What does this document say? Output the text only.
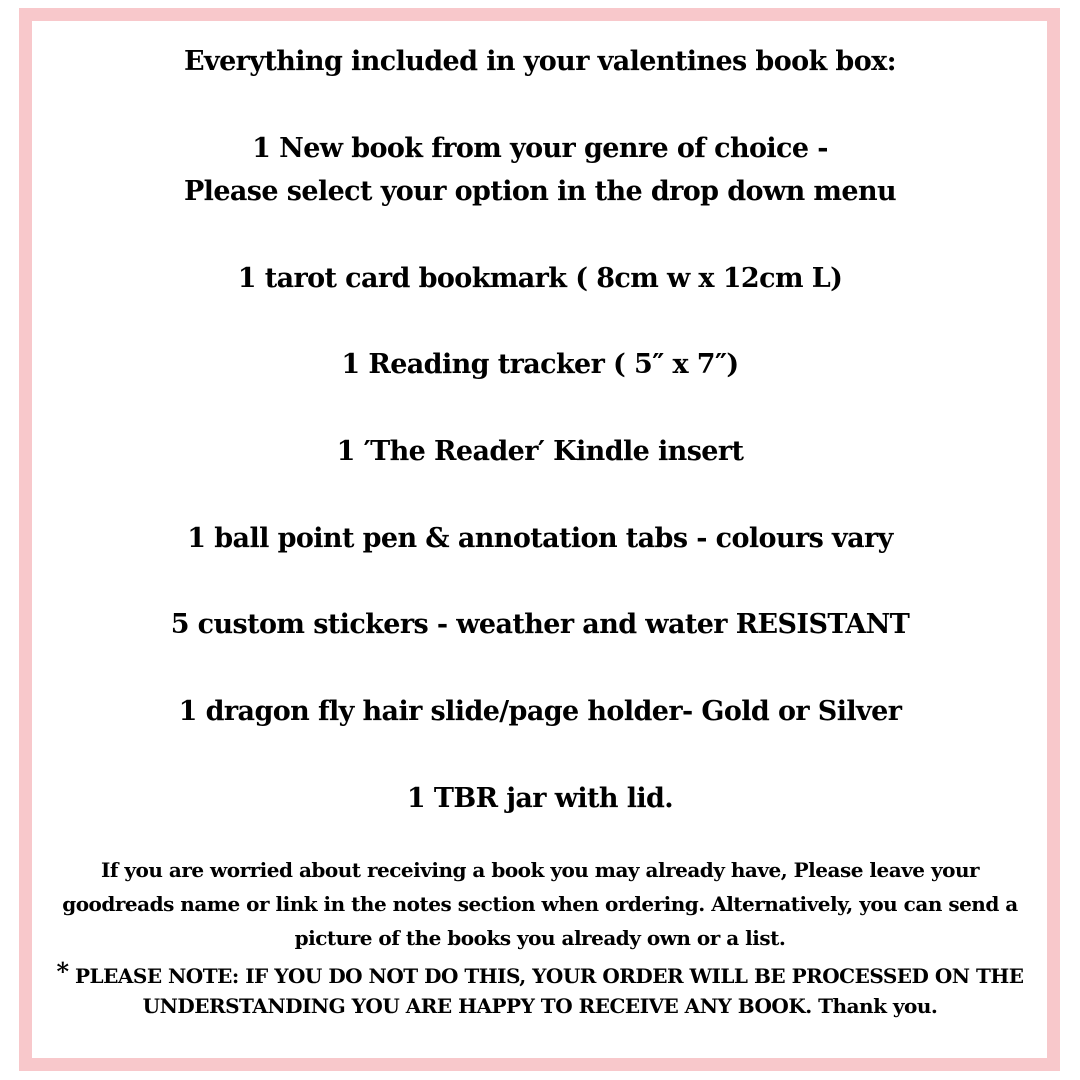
Everything included in your valentines book box:
1 New book from your genre of choice -
Please select your option in the drop down menu
1 tarot card bookmark ( 8cm w x 12cm L)
1 Reading tracker ( 5″ x 7″)
1 ′The Reader′ Kindle insert
1 ball point pen & annotation tabs - colours vary
5 custom stickers - weather and water RESISTANT
1 dragon fly hair slide/page holder- Gold or Silver
1 TBR jar with lid.
If you are worried about receiving a book you may already have, Please leave your
goodreads name or link in the notes section when ordering. Alternatively, you can send a
picture of the books you already own or a list.
* PLEASE NOTE: IF YOU DO NOT DO THIS, YOUR ORDER WILL BE PROCESSED ON THE
UNDERSTANDING YOU ARE HAPPY TO RECEIVE ANY BOOK. Thank you.
